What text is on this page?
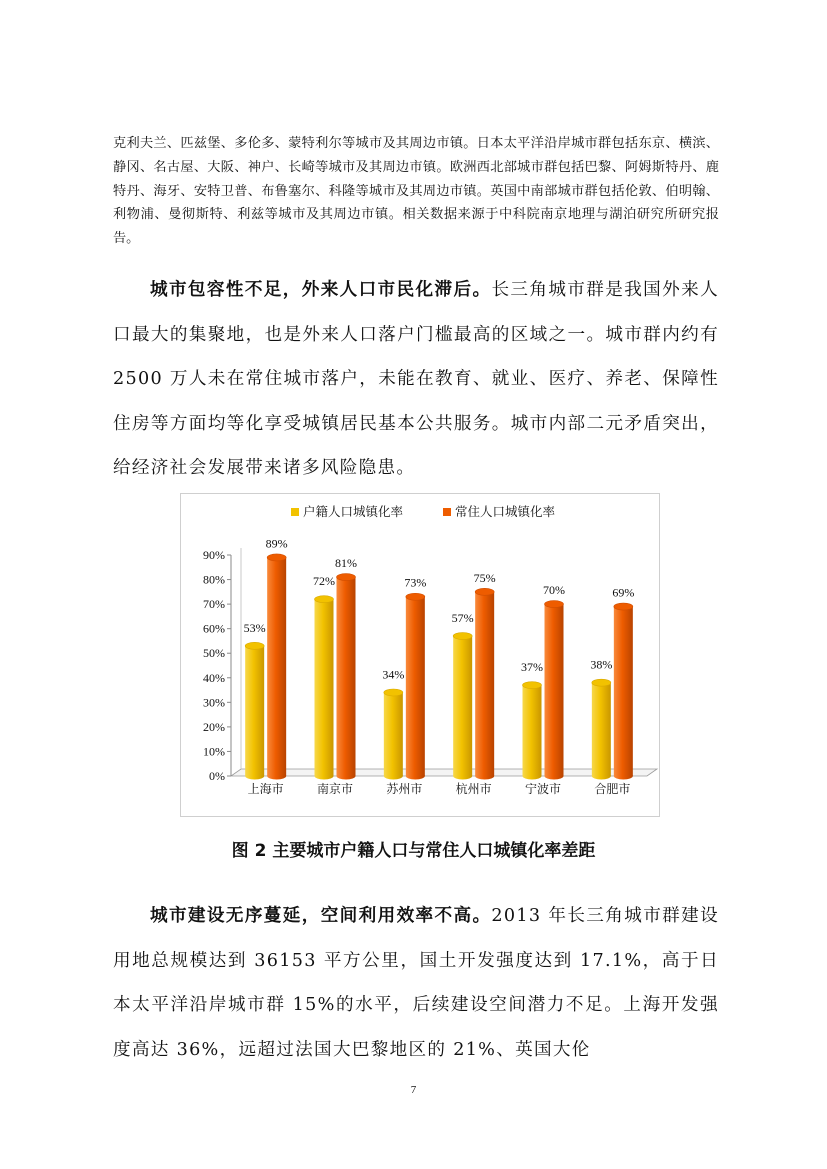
克利夫兰、匹兹堡、多伦多、蒙特利尔等城市及其周边市镇。日本太平洋沿岸城市群包括东京、横滨、静冈、名古屋、大阪、神户、长崎等城市及其周边市镇。欧洲西北部城市群包括巴黎、阿姆斯特丹、鹿特丹、海牙、安特卫普、布鲁塞尔、科隆等城市及其周边市镇。英国中南部城市群包括伦敦、伯明翰、利物浦、曼彻斯特、利兹等城市及其周边市镇。相关数据来源于中科院南京地理与湖泊研究所研究报告。
城市包容性不足，外来人口市民化滞后。长三角城市群是我国外来人口最大的集聚地，也是外来人口落户门槛最高的区域之一。城市群内约有 2500 万人未在常住城市落户，未能在教育、就业、医疗、养老、保障性住房等方面均等化享受城镇居民基本公共服务。城市内部二元矛盾突出，给经济社会发展带来诸多风险隐患。
户籍人口城镇化率	常住人口城镇化率
0%
10%
20%
30%
40%
50%
60%
70%
80%
90%
上海市
53%
89%
南京市
72%
81%
苏州市
34%
73%
杭州市
57%
75%
宁波市
37%
70%
合肥市
38%
69%
图 2 主要城市户籍人口与常住人口城镇化率差距
城市建设无序蔓延，空间利用效率不高。2013 年长三角城市群建设用地总规模达到 36153 平方公里，国土开发强度达到 17.1%，高于日本太平洋沿岸城市群 15%的水平，后续建设空间潜力不足。上海开发强度高达 36%，远超过法国大巴黎地区的 21%、英国大伦
7
